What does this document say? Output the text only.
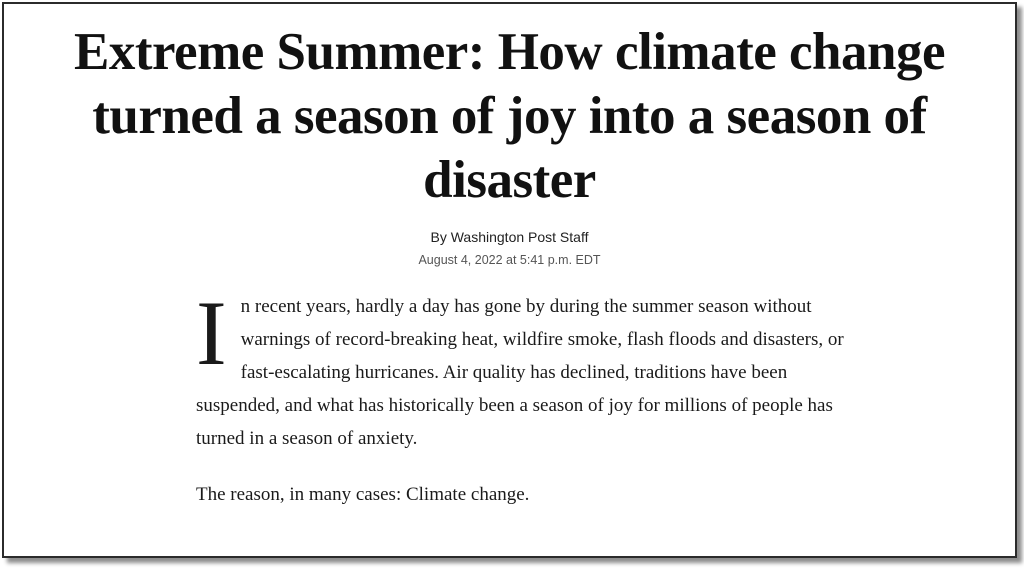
Extreme Summer: How climate change turned a season of joy into a season of disaster
By Washington Post Staff
August 4, 2022 at 5:41 p.m. EDT

I n recent years, hardly a day has gone by during the summer season without warnings of record-breaking heat, wildfire smoke, flash floods and disasters, or fast-escalating hurricanes. Air quality has declined, traditions have been suspended, and what has historically been a season of joy for millions of people has turned in a season of anxiety.

The reason, in many cases: Climate change.
